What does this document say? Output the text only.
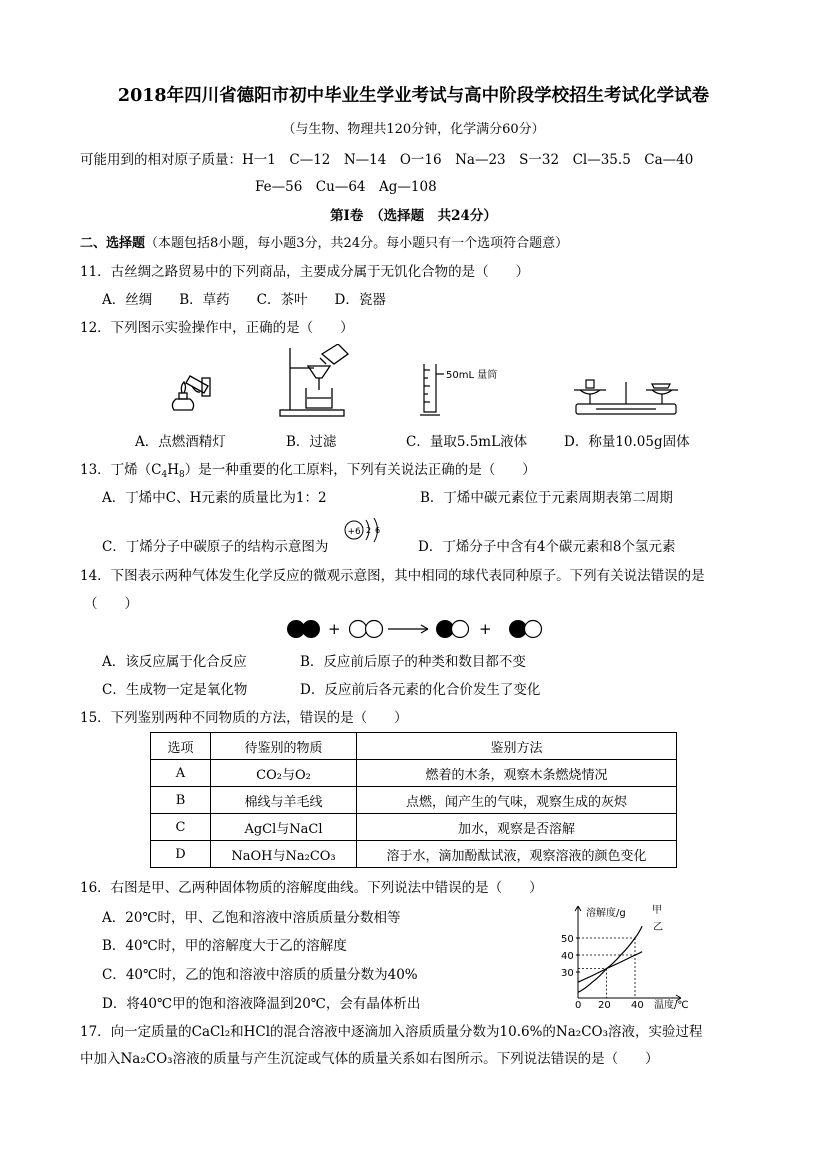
2018年四川省德阳市初中毕业生学业考试与高中阶段学校招生考试化学试卷
（与生物、物理共120分钟，化学满分60分）
可能用到的相对原子质量：H一1　C—12　N—14　O一16　Na—23　S一32　Cl—35.5　Ca—40
Fe—56　Cu—64　Ag—108
第Ⅰ卷　（选择题　共24分）
二、选择题（本题包括8小题，每小题3分，共24分。每小题只有一个选项符合题意）
11．古丝绸之路贸易中的下列商品，主要成分属于无饥化合物的是（　　）
A．丝绸　　B．草药　　C．茶叶　　D．瓷器
12．下列图示实验操作中，正确的是（　　）
50mL 量筒
A．点燃酒精灯	B．过滤	C．量取5.5mL液体	D．称量10.05g固体
13．丁烯$(C_4H_8)$是一种重要的化工原料，下列有关说法正确的是（　　）
A．丁烯中C、H元素的质量比为1：2	B．丁烯中碳元素位于元素周期表第二周期
C．丁烯分子中碳原子的结构示意图为
+6 2 6
D．丁烯分子中含有4个碳元素和8个氢元素
14．下图表示两种气体发生化学反应的微观示意图，其中相同的球代表同种原子。下列有关说法错误的是
（　　）
+	+
A．该反应属于化合反应	B．反应前后原子的种类和数目都不变
C．生成物一定是氧化物	D．反应前后各元素的化合价发生了变化
15．下列鉴别两种不同物质的方法，错误的是（　　）
选项	待鉴别的物质	鉴别方法
A	CO₂与O₂	燃着的木条，观察木条燃烧情况
B	棉线与羊毛线	点燃，闻产生的气味，观察生成的灰烬
C	AgCl与NaCl	加水，观察是否溶解
D	NaOH与Na₂CO₃	溶于水，滴加酚酞试液，观察溶液的颜色变化
16．右图是甲、乙两种固体物质的溶解度曲线。下列说法中错误的是（　　）
A．20℃时，甲、乙饱和溶液中溶质质量分数相等
B．40℃时，甲的溶解度大于乙的溶解度
C．40℃时，乙的饱和溶液中溶质的质量分数为40%
D．将40℃甲的饱和溶液降温到20℃，会有晶体析出
溶解度/g
温度/℃
50
40
30
0 20 40
甲
乙
17．向一定质量的CaCl₂和HCl的混合溶液中逐滴加入溶质质量分数为10.6%的Na₂CO₃溶液，实验过程
中加入Na₂CO₃溶液的质量与产生沉淀或气体的质量关系如右图所示。下列说法错误的是（　　）
